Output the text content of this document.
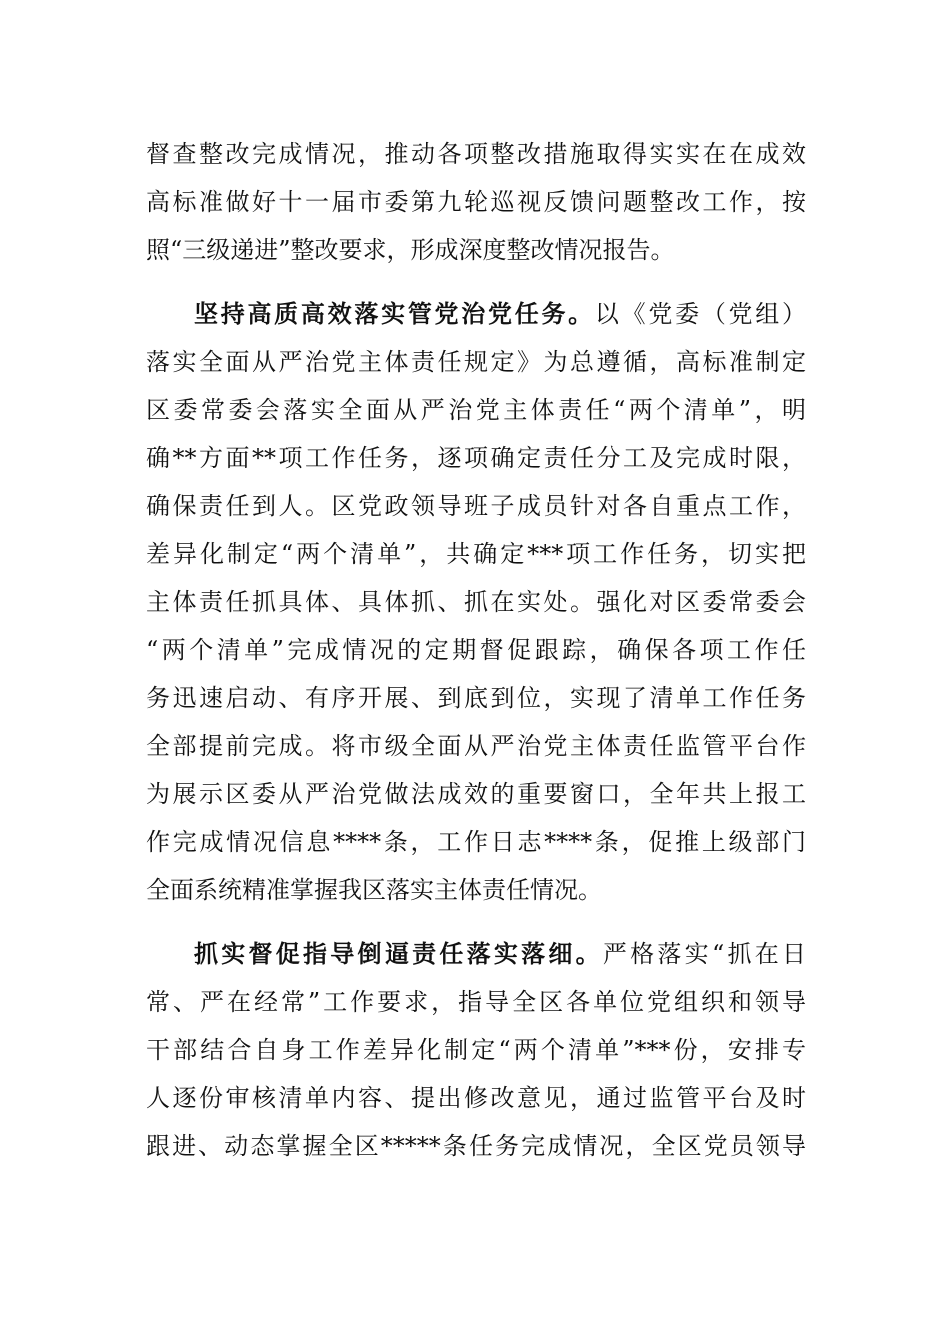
督查整改完成情况，推动各项整改措施取得实实在在成效
高标准做好十一届市委第九轮巡视反馈问题整改工作，按
照“三级递进”整改要求，形成深度整改情况报告。
坚持高质高效落实管党治党任务。以《党委（党组）
落实全面从严治党主体责任规定》为总遵循，高标准制定
区委常委会落实全面从严治党主体责任“两个清单”，明
确**方面**项工作任务，逐项确定责任分工及完成时限，
确保责任到人。区党政领导班子成员针对各自重点工作，
差异化制定“两个清单”，共确定***项工作任务，切实把
主体责任抓具体、具体抓、抓在实处。强化对区委常委会
“两个清单”完成情况的定期督促跟踪，确保各项工作任
务迅速启动、有序开展、到底到位，实现了清单工作任务
全部提前完成。将市级全面从严治党主体责任监管平台作
为展示区委从严治党做法成效的重要窗口，全年共上报工
作完成情况信息****条，工作日志****条，促推上级部门
全面系统精准掌握我区落实主体责任情况。
抓实督促指导倒逼责任落实落细。严格落实“抓在日
常、严在经常”工作要求，指导全区各单位党组织和领导
干部结合自身工作差异化制定“两个清单”***份，安排专
人逐份审核清单内容、提出修改意见，通过监管平台及时
跟进、动态掌握全区*****条任务完成情况，全区党员领导
